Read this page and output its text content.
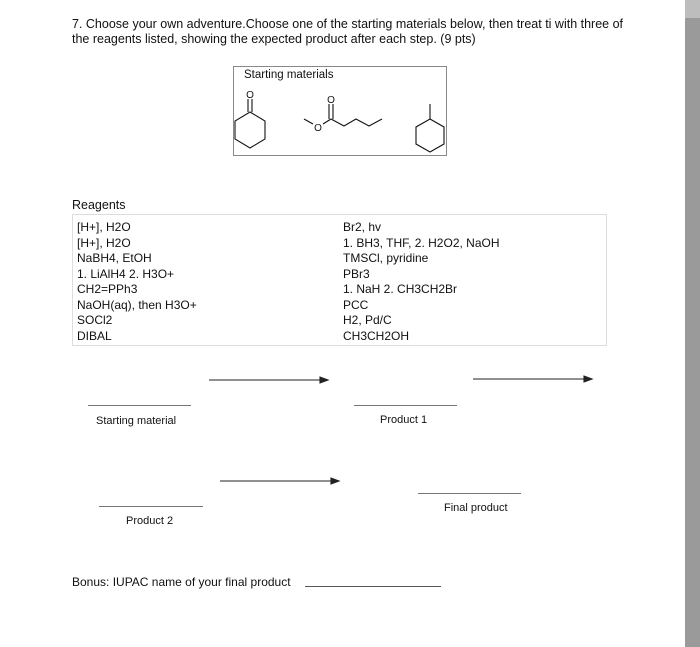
7. Choose your own adventure.Choose one of the starting materials below, then treat ti with three of the reagents listed, showing the expected product after each step. (9 pts)
Starting materials
O	O
O
Reagents
[H+], H2O
[H+], H2O
NaBH4, EtOH
1. LiAlH4 2. H3O+
CH2=PPh3
NaOH(aq), then H3O+
SOCl2
DIBAL
Br2, hv
1. BH3, THF, 2. H2O2, NaOH
TMSCl, pyridine
PBr3
1. NaH 2. CH3CH2Br
PCC
H2, Pd/C
CH3CH2OH
Starting material	Product 1
Product 2
Final product
Bonus: IUPAC name of your final product
